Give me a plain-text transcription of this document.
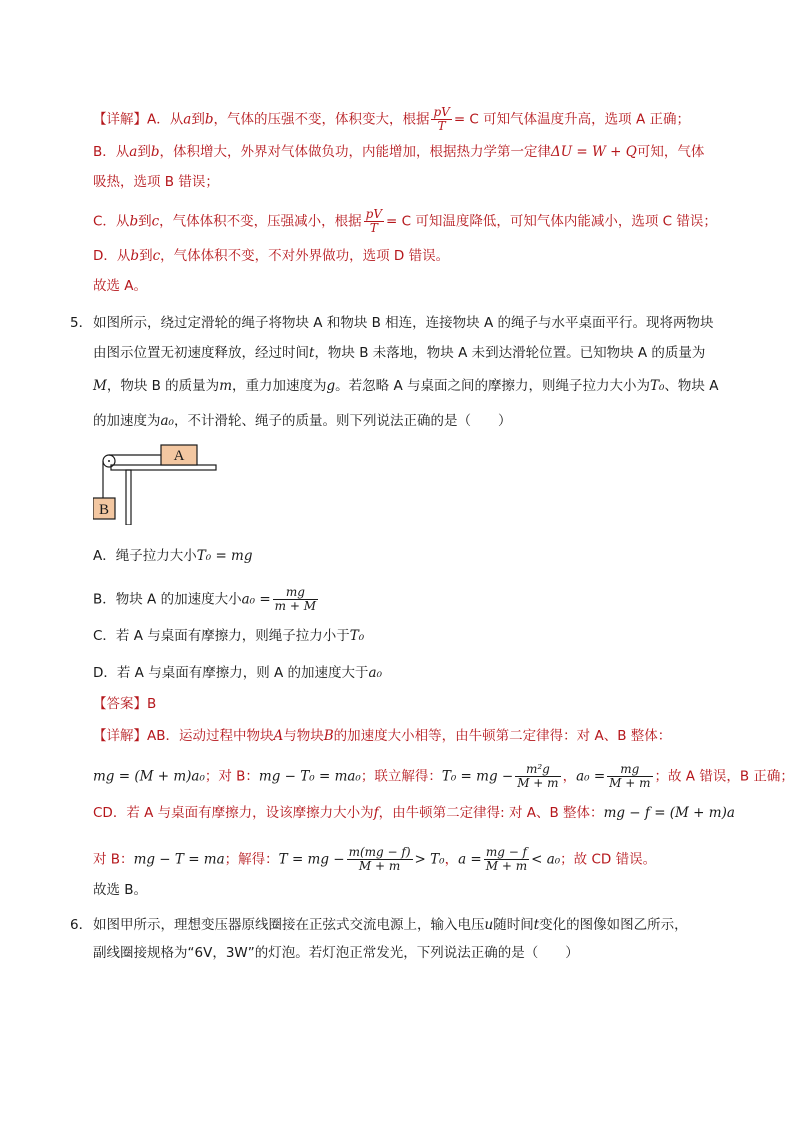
【详解】A．从a到b，气体的压强不变，体积变大，根据 $\frac{pV}{T} = C$ 可知气体温度升高，选项 A 正确；
B．从a到b，体积增大，外界对气体做负功，内能增加，根据热力学第一定律ΔU = W + Q可知，气体
吸热，选项 B 错误；
C．从b到c，气体体积不变，压强减小，根据 $\frac{pV}{T} = C$ 可知温度降低，可知气体内能减小，选项 C 错误；
D．从b到c，气体体积不变，不对外界做功，选项 D 错误。
故选 A。
5． 如图所示，绕过定滑轮的绳子将物块 A 和物块 B 相连，连接物块 A 的绳子与水平桌面平行。现将两物块
由图示位置无初速度释放，经过时间t，物块 B 未落地，物块 A 未到达滑轮位置。已知物块 A 的质量为
M，物块 B 的质量为m，重力加速度为g。若忽略 A 与桌面之间的摩擦力，则绳子拉力大小为T₀、物块 A
的加速度为a₀，不计滑轮、绳子的质量。则下列说法正确的是（　　）
A
B
A．绳子拉力大小T₀ = mg
B．物块 A 的加速度大小$a_0 = \frac{mg}{m + M}$
C．若 A 与桌面有摩擦力，则绳子拉力小于T₀
D．若 A 与桌面有摩擦力，则 A 的加速度大于a₀
【答案】B
【详解】AB．运动过程中物块A与物块B的加速度大小相等，由牛顿第二定律得：对 A、B 整体：
mg = (M + m)a₀；对 B：mg − T₀ = ma₀；联立解得：T₀ = mg − $\frac{\text{m²g}}{M + m}$ ，$a_0 = \frac{mg}{M + m}$ ；故 A 错误，B 正确；
CD．若 A 与桌面有摩擦力，设该摩擦力大小为f，由牛顿第二定律得: 对 A、B 整体：mg − f = (M + m)a
对 B：mg − T = ma；解得：T = mg − $\frac{m(mg - f)}{M + m} > T_0$，$a = \frac{mg - f}{M + m} < a_0$；故 CD 错误。
故选 B。
6． 如图甲所示，理想变压器原线圈接在正弦式交流电源上，输入电压u随时间t变化的图像如图乙所示，
副线圈接规格为“6V，3W”的灯泡。若灯泡正常发光，下列说法正确的是（　　）
